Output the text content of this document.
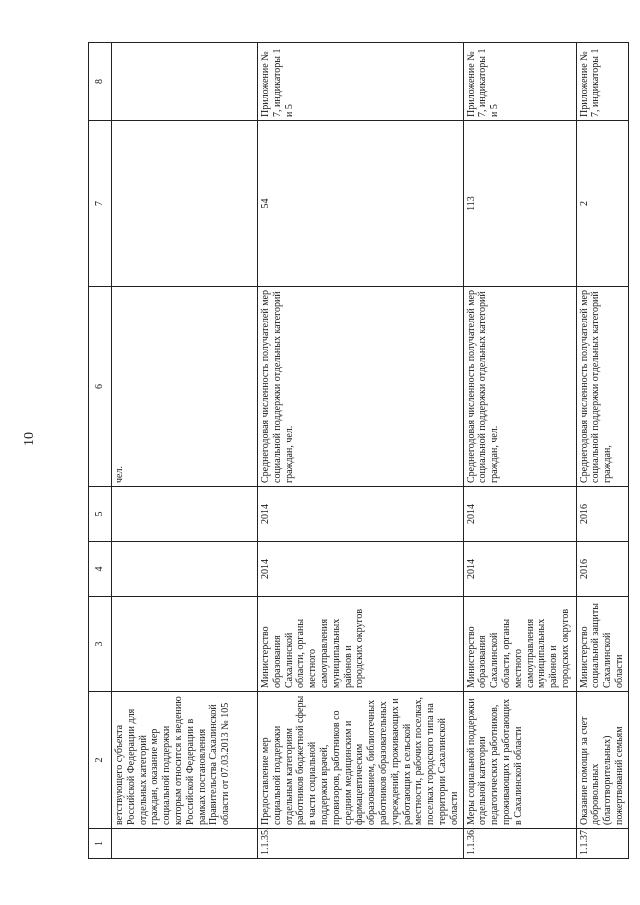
10
1	2	3	4	5	6	7	8
	ветствующего субъекта Российской Федерации для отдельных категорий граждан, оказание мер социальной поддержки которым относится к ведению Российской Федерации в рамках постановления Правительства Сахалинской области от 07.03.2013 № 105				чел.		
1.1.35.	Предоставление мер социальной поддержки отдельным категориям работников бюджетной сферы в части социальной поддержки врачей, провизоров, работников со средним медицинским и фармацевтическим образованием, библиотечных работников образовательных учреждений, проживающих и работающих в сельской местности, рабочих поселках, поселках городского типа на территории Сахалинской области	Министерство образования Сахалинской области, органы местного самоуправления муниципальных районов и городских округов	2014	2014	Среднегодовая численность получателей мер социальной поддержки отдельных категорий граждан, чел.	54	Приложение № 7, индикаторы 1 и 5
1.1.36.	Меры социальной поддержки отдельной категории педагогических работников, проживающих и работающих в Сахалинской области	Министерство образования Сахалинской области, органы местного самоуправления муниципальных районов и городских округов	2014	2014	Среднегодовая численность получателей мер социальной поддержки отдельных категорий граждан, чел.	113	Приложение № 7, индикаторы 1 и 5
1.1.37.	Оказание помощи за счет добровольных (благотворительных) пожертвований семьям	Министерство социальной защиты Сахалинской области	2016	2016	Среднегодовая численность получателей мер социальной поддержки отдельных категорий граждан,	2	Приложение № 7, индикаторы 1
